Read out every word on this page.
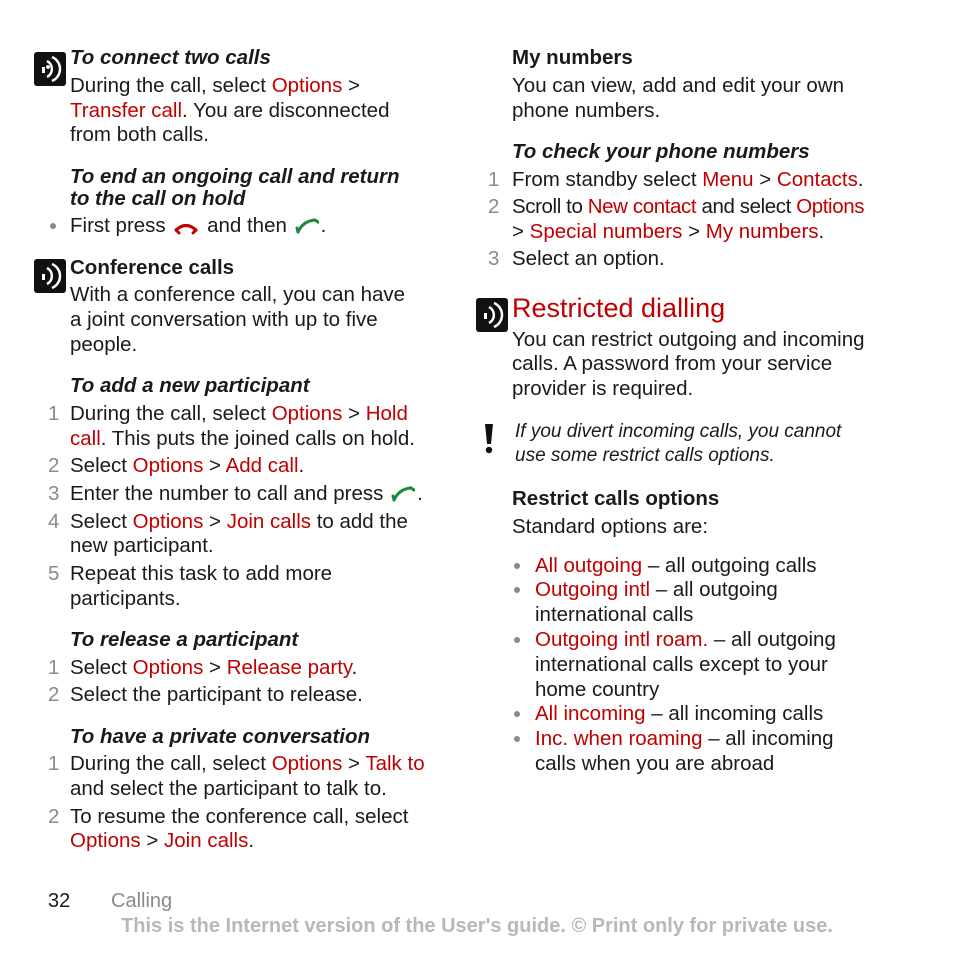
To connect two calls
During the call, select Options >
Transfer call. You are disconnected
from both calls.
To end an ongoing call and return
to the call on hold
First press  and then .
Conference calls
With a conference call, you can have
a joint conversation with up to five
people.
To add a new participant
1 During the call, select Options > Hold
call. This puts the joined calls on hold.
2 Select Options > Add call.
3 Enter the number to call and press .
4 Select Options > Join calls to add the
new participant.
5 Repeat this task to add more
participants.
To release a participant
1 Select Options > Release party.
2 Select the participant to release.
To have a private conversation
1 During the call, select Options > Talk to
and select the participant to talk to.
2 To resume the conference call, select
Options > Join calls.
My numbers
You can view, add and edit your own
phone numbers.
To check your phone numbers
1 From standby select Menu > Contacts.
2 Scroll to New contact and select Options
> Special numbers > My numbers.
3 Select an option.
Restricted dialling
You can restrict outgoing and incoming
calls. A password from your service
provider is required.
If you divert incoming calls, you cannot
use some restrict calls options.
Restrict calls options
Standard options are:
All outgoing – all outgoing calls
Outgoing intl – all outgoing
international calls
Outgoing intl roam. – all outgoing
international calls except to your
home country
All incoming – all incoming calls
Inc. when roaming – all incoming
calls when you are abroad
32 Calling
This is the Internet version of the User's guide. © Print only for private use.
